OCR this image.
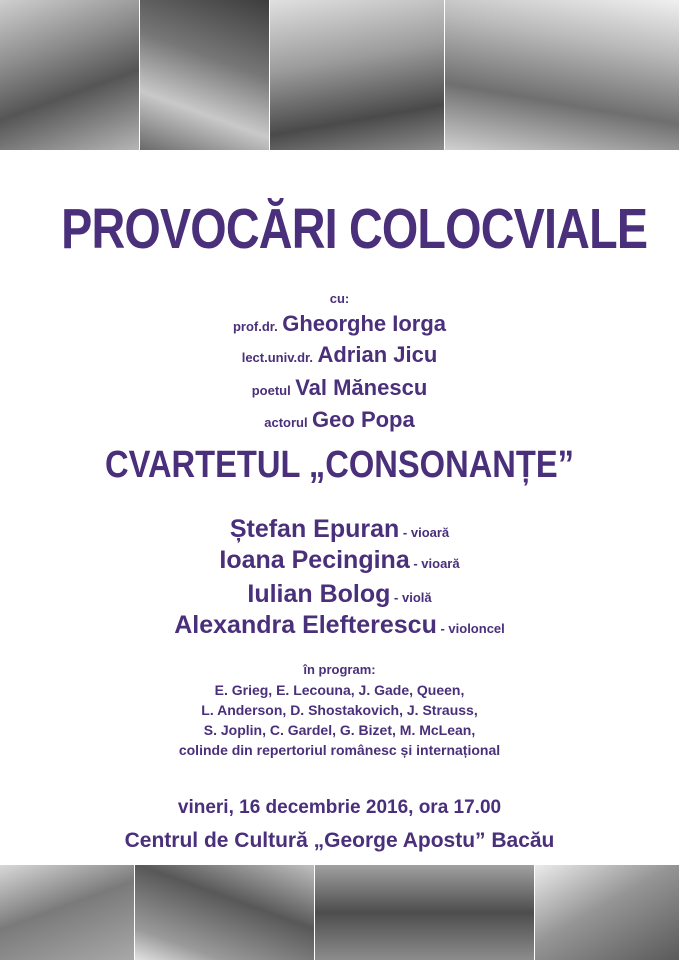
PROVOCĂRI COLOCVIALE
cu:
prof.dr. Gheorghe Iorga
lect.univ.dr. Adrian Jicu
poetul Val Mănescu
actorul Geo Popa
CVARTETUL „CONSONANȚE”
Ștefan Epuran - vioară
Ioana Pecingina - vioară
Iulian Bolog - violă
Alexandra Elefterescu - violoncel
în program:
E. Grieg, E. Lecouna, J. Gade, Queen,
L. Anderson, D. Shostakovich, J. Strauss,
S. Joplin, C. Gardel, G. Bizet, M. McLean,
colinde din repertoriul românesc și internațional
vineri, 16 decembrie 2016, ora 17.00
Centrul de Cultură „George Apostu” Bacău
